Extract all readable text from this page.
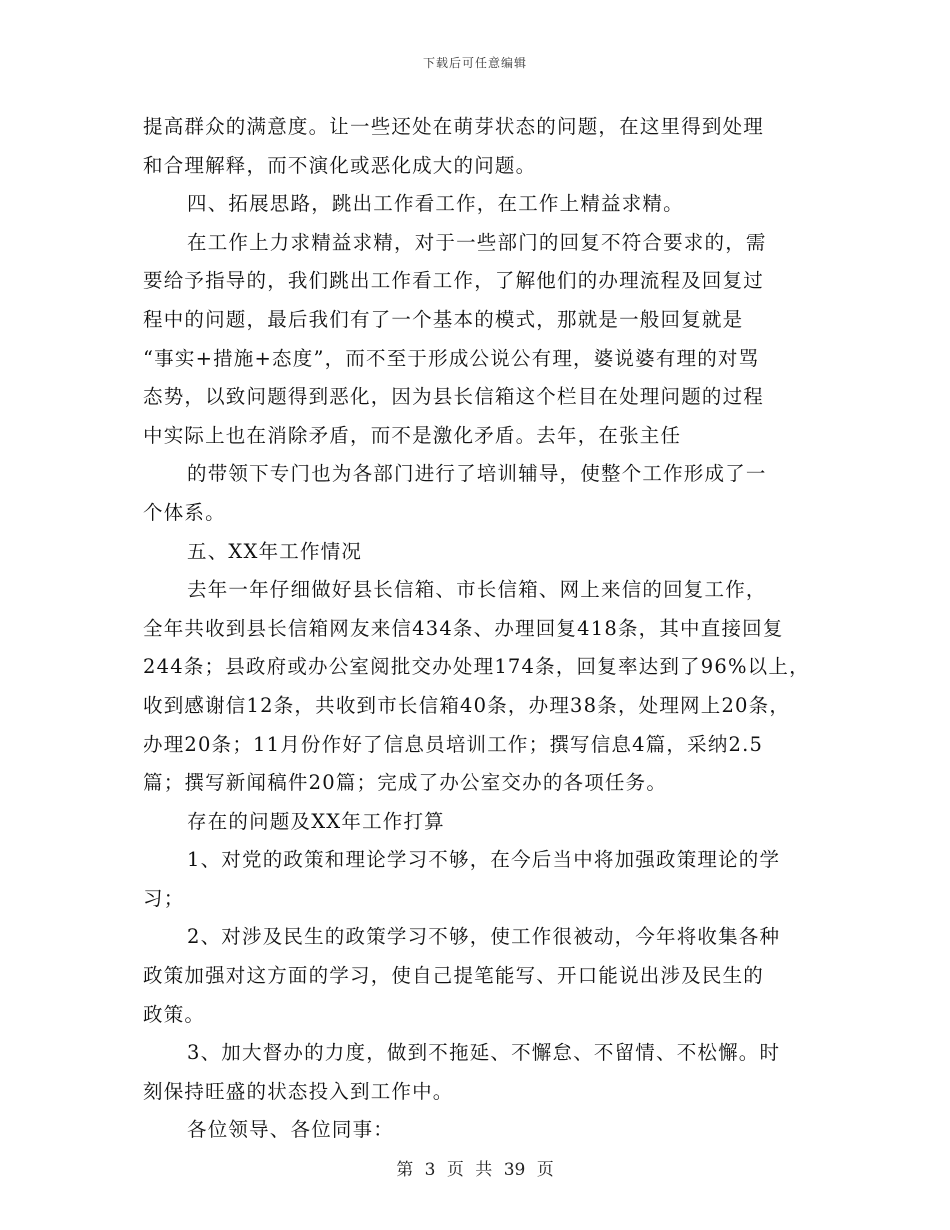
下载后可任意编辑
提高群众的满意度。让一些还处在萌芽状态的问题，在这里得到处理
和合理解释，而不演化或恶化成大的问题。
四、拓展思路，跳出工作看工作，在工作上精益求精。
在工作上力求精益求精，对于一些部门的回复不符合要求的，需
要给予指导的，我们跳出工作看工作，了解他们的办理流程及回复过
程中的问题，最后我们有了一个基本的模式，那就是一般回复就是
“事实+措施+态度”，而不至于形成公说公有理，婆说婆有理的对骂
态势，以致问题得到恶化，因为县长信箱这个栏目在处理问题的过程
中实际上也在消除矛盾，而不是激化矛盾。去年，在张主任
的带领下专门也为各部门进行了培训辅导，使整个工作形成了一
个体系。
五、XX年工作情况
去年一年仔细做好县长信箱、市长信箱、网上来信的回复工作，
全年共收到县长信箱网友来信434条、办理回复418条，其中直接回复
244条；县政府或办公室阅批交办处理174条，回复率达到了96%以上，
收到感谢信12条，共收到市长信箱40条，办理38条，处理网上20条，
办理20条；11月份作好了信息员培训工作；撰写信息4篇，采纳2.5
篇；撰写新闻稿件20篇；完成了办公室交办的各项任务。
存在的问题及XX年工作打算
1、对党的政策和理论学习不够，在今后当中将加强政策理论的学
习；
2、对涉及民生的政策学习不够，使工作很被动，今年将收集各种
政策加强对这方面的学习，使自己提笔能写、开口能说出涉及民生的
政策。
3、加大督办的力度，做到不拖延、不懈怠、不留情、不松懈。时
刻保持旺盛的状态投入到工作中。
各位领导、各位同事：
第 3 页 共 39 页
